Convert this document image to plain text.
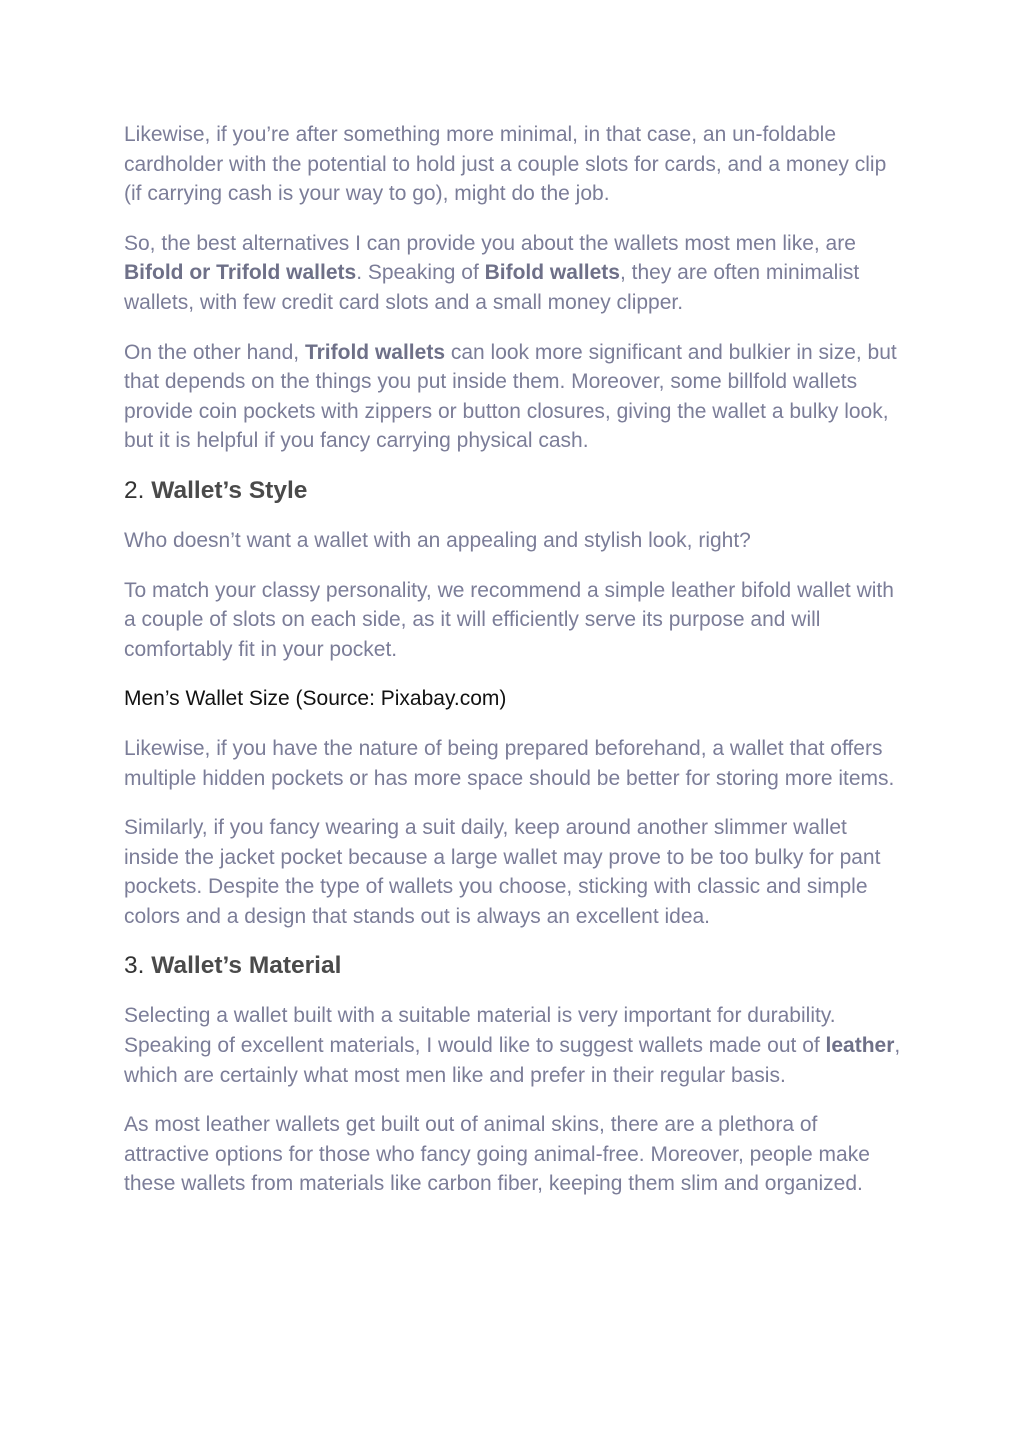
Likewise, if you’re after something more minimal, in that case, an un-foldable cardholder with the potential to hold just a couple slots for cards, and a money clip (if carrying cash is your way to go), might do the job.

So, the best alternatives I can provide you about the wallets most men like, are Bifold or Trifold wallets. Speaking of Bifold wallets, they are often minimalist wallets, with few credit card slots and a small money clipper.

On the other hand, Trifold wallets can look more significant and bulkier in size, but that depends on the things you put inside them. Moreover, some billfold wallets provide coin pockets with zippers or button closures, giving the wallet a bulky look, but it is helpful if you fancy carrying physical cash.

2. Wallet’s Style

Who doesn’t want a wallet with an appealing and stylish look, right?

To match your classy personality, we recommend a simple leather bifold wallet with a couple of slots on each side, as it will efficiently serve its purpose and will comfortably fit in your pocket.

Men’s Wallet Size (Source: Pixabay.com)

Likewise, if you have the nature of being prepared beforehand, a wallet that offers multiple hidden pockets or has more space should be better for storing more items.

Similarly, if you fancy wearing a suit daily, keep around another slimmer wallet inside the jacket pocket because a large wallet may prove to be too bulky for pant pockets. Despite the type of wallets you choose, sticking with classic and simple colors and a design that stands out is always an excellent idea.

3. Wallet’s Material

Selecting a wallet built with a suitable material is very important for durability. Speaking of excellent materials, I would like to suggest wallets made out of leather, which are certainly what most men like and prefer in their regular basis.

As most leather wallets get built out of animal skins, there are a plethora of attractive options for those who fancy going animal-free. Moreover, people make these wallets from materials like carbon fiber, keeping them slim and organized.
